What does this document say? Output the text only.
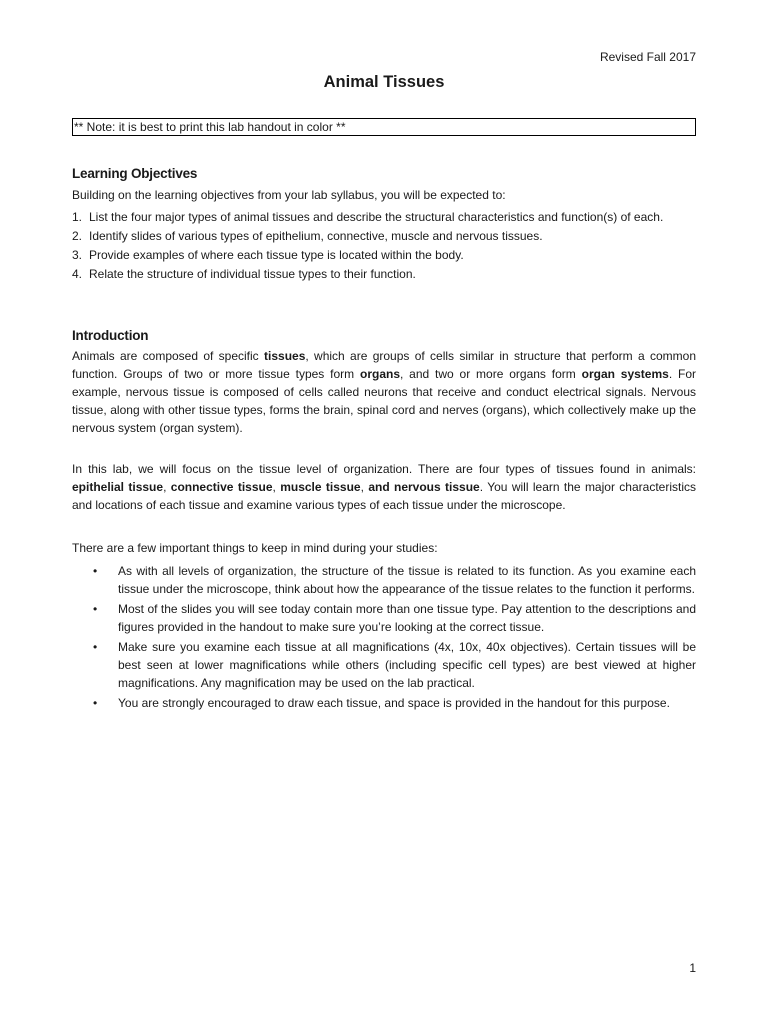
Revised Fall 2017
Animal Tissues
** Note: it is best to print this lab handout in color **
Learning Objectives
Building on the learning objectives from your lab syllabus, you will be expected to:
1. List the four major types of animal tissues and describe the structural characteristics and function(s) of each.
2. Identify slides of various types of epithelium, connective, muscle and nervous tissues.
3. Provide examples of where each tissue type is located within the body.
4. Relate the structure of individual tissue types to their function.
Introduction
Animals are composed of specific tissues, which are groups of cells similar in structure that perform a common function. Groups of two or more tissue types form organs, and two or more organs form organ systems. For example, nervous tissue is composed of cells called neurons that receive and conduct electrical signals. Nervous tissue, along with other tissue types, forms the brain, spinal cord and nerves (organs), which collectively make up the nervous system (organ system).
In this lab, we will focus on the tissue level of organization. There are four types of tissues found in animals: epithelial tissue, connective tissue, muscle tissue, and nervous tissue. You will learn the major characteristics and locations of each tissue and examine various types of each tissue under the microscope.
There are a few important things to keep in mind during your studies:
• As with all levels of organization, the structure of the tissue is related to its function. As you examine each tissue under the microscope, think about how the appearance of the tissue relates to the function it performs.
• Most of the slides you will see today contain more than one tissue type. Pay attention to the descriptions and figures provided in the handout to make sure you’re looking at the correct tissue.
• Make sure you examine each tissue at all magnifications (4x, 10x, 40x objectives). Certain tissues will be best seen at lower magnifications while others (including specific cell types) are best viewed at higher magnifications. Any magnification may be used on the lab practical.
• You are strongly encouraged to draw each tissue, and space is provided in the handout for this purpose.
1
